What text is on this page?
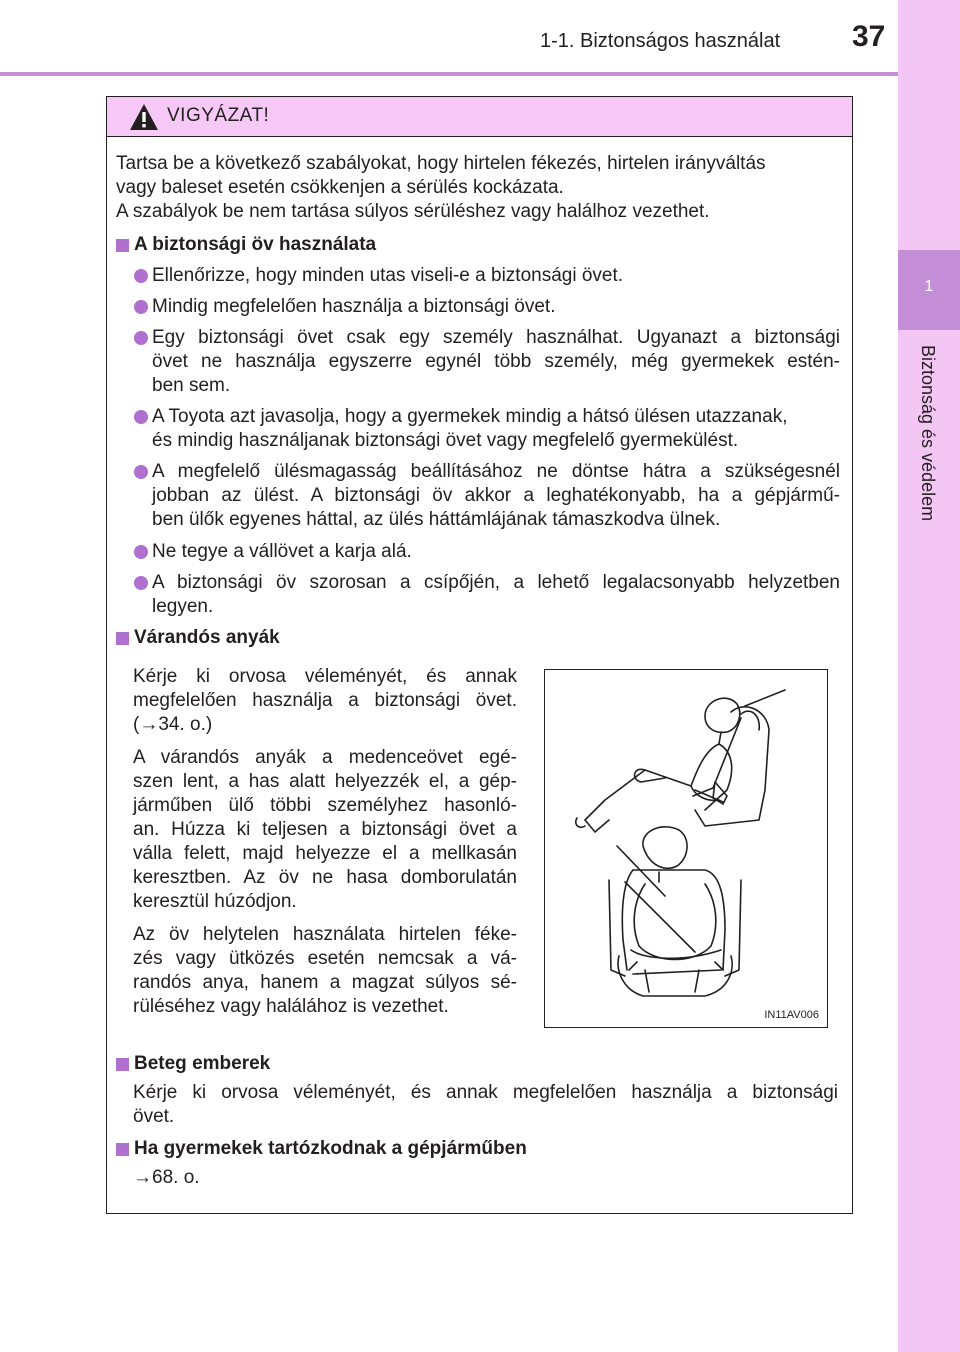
1-1. Biztonságos használat 37
1
Biztonság és védelem
VIGYÁZAT!
Tartsa be a következő szabályokat, hogy hirtelen fékezés, hirtelen irányváltás
vagy baleset esetén csökkenjen a sérülés kockázata.
A szabályok be nem tartása súlyos sérüléshez vagy halálhoz vezethet.
A biztonsági öv használata
Ellenőrizze, hogy minden utas viseli-e a biztonsági övet.
Mindig megfelelően használja a biztonsági övet.
Egy biztonsági övet csak egy személy használhat. Ugyanazt a biztonsági
övet ne használja egyszerre egynél több személy, még gyermekek estén-
ben sem.
A Toyota azt javasolja, hogy a gyermekek mindig a hátsó ülésen utazzanak,
és mindig használjanak biztonsági övet vagy megfelelő gyermekülést.
A megfelelő ülésmagasság beállításához ne döntse hátra a szükségesnél
jobban az ülést. A biztonsági öv akkor a leghatékonyabb, ha a gépjármű-
ben ülők egyenes háttal, az ülés háttámlájának támaszkodva ülnek.
Ne tegye a vállövet a karja alá.
A biztonsági öv szorosan a csípőjén, a lehető legalacsonyabb helyzetben
legyen.
Várandós anyák
Kérje ki orvosa véleményét, és annak
megfelelően használja a biztonsági övet.
(→34. o.)
A várandós anyák a medenceövet egé-
szen lent, a has alatt helyezzék el, a gép-
járműben ülő többi személyhez hasonló-
an. Húzza ki teljesen a biztonsági övet a
válla felett, majd helyezze el a mellkasán
keresztben. Az öv ne hasa domborulatán
keresztül húzódjon.
Az öv helytelen használata hirtelen féke-
zés vagy ütközés esetén nemcsak a vá-
randós anya, hanem a magzat súlyos sé-
rüléséhez vagy halálához is vezethet.	IN11AV006
Beteg emberek
Kérje ki orvosa véleményét, és annak megfelelően használja a biztonsági
övet.
Ha gyermekek tartózkodnak a gépjárműben
→68. o.
